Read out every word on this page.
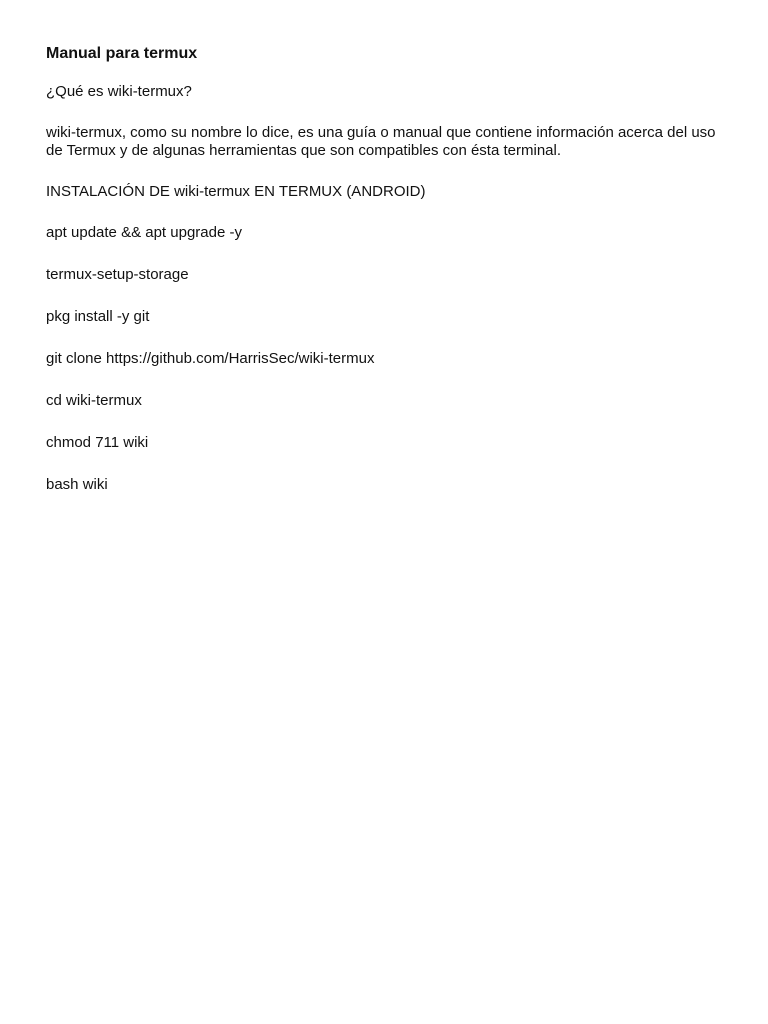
Manual para termux
¿Qué es wiki-termux?
wiki-termux, como su nombre lo dice, es una guía o manual que contiene información acerca del uso de Termux y de algunas herramientas que son compatibles con ésta terminal.
INSTALACIÓN DE wiki-termux EN TERMUX (ANDROID)
apt update && apt upgrade -y
termux-setup-storage
pkg install -y git
git clone https://github.com/HarrisSec/wiki-termux
cd wiki-termux
chmod 711 wiki
bash wiki
